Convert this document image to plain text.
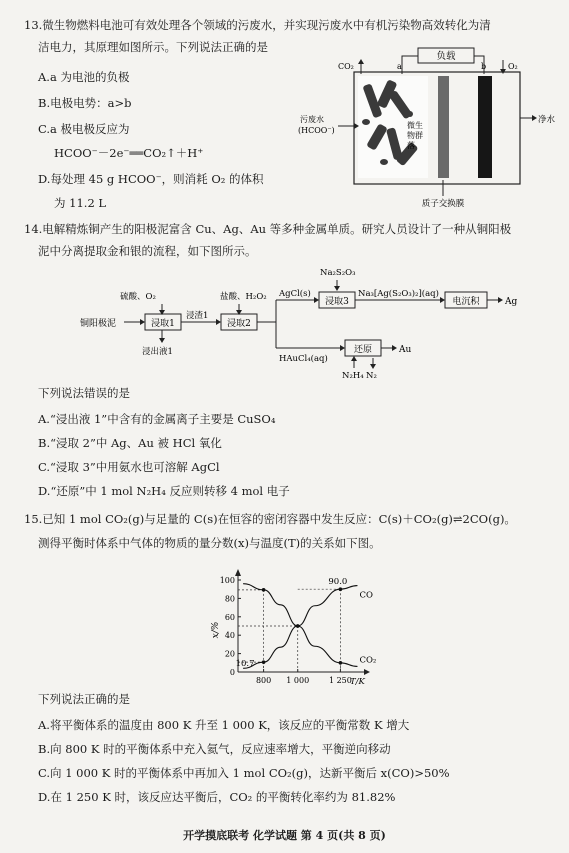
13.微生物燃料电池可有效处理各个领域的污废水，并实现污废水中有机污染物高效转化为清
洁电力，其原理如图所示。下列说法正确的是
A.a 为电池的负极
B.电极电势：a>b
C.a 极电极反应为
HCOO⁻－2e⁻══CO₂↑＋H⁺
D.每处理 45 g HCOO⁻，则消耗 O₂ 的体积
为 11.2 L
负载
a	b
CO₂	O₂
微生
物群
落
污废水
(HCOO⁻)
净水
质子交换膜
14.电解精炼铜产生的阳极泥富含 Cu、Ag、Au 等多种金属单质。研究人员设计了一种从铜阳极
泥中分离提取金和银的流程，如下图所示。
铜阳极泥
硫酸、O₂
浸取1
浸出液1
浸渣1
盐酸、H₂O₂
浸取2
AgCl(s)
Na₂S₂O₃
浸取3
Na₃[Ag(S₂O₃)₂](aq)
电沉积	Ag
HAuCl₄(aq)
还原	Au
N₂H₄ N₂
下列说法错误的是
A.“浸出液 1”中含有的金属离子主要是 CuSO₄
B.“浸取 2”中 Ag、Au 被 HCl 氧化
C.“浸取 3”中用氨水也可溶解 AgCl
D.“还原”中 1 mol N₂H₄ 反应则转移 4 mol 电子
15.已知 1 mol CO₂(g)与足量的 C(s)在恒容的密闭容器中发生反应：C(s)＋CO₂(g)⇌2CO(g)。
测得平衡时体系中气体的物质的量分数(x)与温度(T)的关系如下图。
x/%
T/K
0
20
40
60
80
100
800 1 000 1 250
CO
CO₂
90.0
10.7
下列说法正确的是
A.将平衡体系的温度由 800 K 升至 1 000 K，该反应的平衡常数 K 增大
B.向 800 K 时的平衡体系中充入氦气，反应速率增大，平衡逆向移动
C.向 1 000 K 时的平衡体系中再加入 1 mol CO₂(g)，达新平衡后 x(CO)>50%
D.在 1 250 K 时，该反应达平衡后，CO₂ 的平衡转化率约为 81.82%
开学摸底联考 化学试题 第 4 页(共 8 页)
